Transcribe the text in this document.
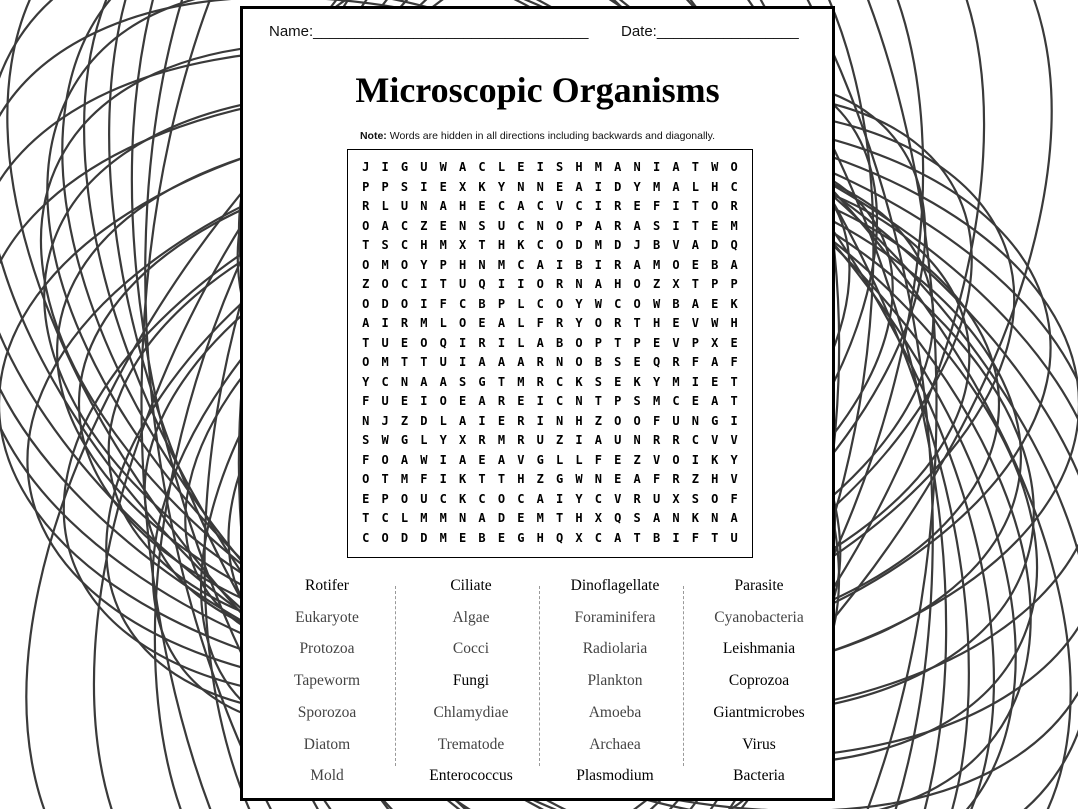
Name:_________________________________ Date:_________________
Microscopic Organisms
Note: Words are hidden in all directions including backwards and diagonally.
J	I	G	U	W	A	C	L	E	I	S	H	M	A	N	I	A	T	W	O
P	P	S	I	E	X	K	Y	N	N	E	A	I	D	Y	M	A	L	H	C
R	L	U	N	A	H	E	C	A	C	V	C	I	R	E	F	I	T	O	R
O	A	C	Z	E	N	S	U	C	N	O	P	A	R	A	S	I	T	E	M
T	S	C	H	M	X	T	H	K	C	O	D	M	D	J	B	V	A	D	Q
O	M	O	Y	P	H	N	M	C	A	I	B	I	R	A	M	O	E	B	A
Z	O	C	I	T	U	Q	I	I	O	R	N	A	H	O	Z	X	T	P	P
O	D	O	I	F	C	B	P	L	C	O	Y	W	C	O	W	B	A	E	K
A	I	R	M	L	O	E	A	L	F	R	Y	O	R	T	H	E	V	W	H
T	U	E	O	Q	I	R	I	L	A	B	O	P	T	P	E	V	P	X	E
O	M	T	T	U	I	A	A	A	R	N	O	B	S	E	Q	R	F	A	F
Y	C	N	A	A	S	G	T	M	R	C	K	S	E	K	Y	M	I	E	T
F	U	E	I	O	E	A	R	E	I	C	N	T	P	S	M	C	E	A	T
N	J	Z	D	L	A	I	E	R	I	N	H	Z	O	O	F	U	N	G	I
S	W	G	L	Y	X	R	M	R	U	Z	I	A	U	N	R	R	C	V	V
F	O	A	W	I	A	E	A	V	G	L	L	F	E	Z	V	O	I	K	Y
O	T	M	F	I	K	T	T	H	Z	G	W	N	E	A	F	R	Z	H	V
E	P	O	U	C	K	C	O	C	A	I	Y	C	V	R	U	X	S	O	F
T	C	L	M	M	N	A	D	E	M	T	H	X	Q	S	A	N	K	N	A
C	O	D	D	M	E	B	E	G	H	Q	X	C	A	T	B	I	F	T	U
Rotifer
Eukaryote
Protozoa
Tapeworm
Sporozoa
Diatom
Mold
Ciliate
Algae
Cocci
Fungi
Chlamydiae
Trematode
Enterococcus
Dinoflagellate
Foraminifera
Radiolaria
Plankton
Amoeba
Archaea
Plasmodium
Parasite
Cyanobacteria
Leishmania
Coprozoa
Giantmicrobes
Virus
Bacteria
